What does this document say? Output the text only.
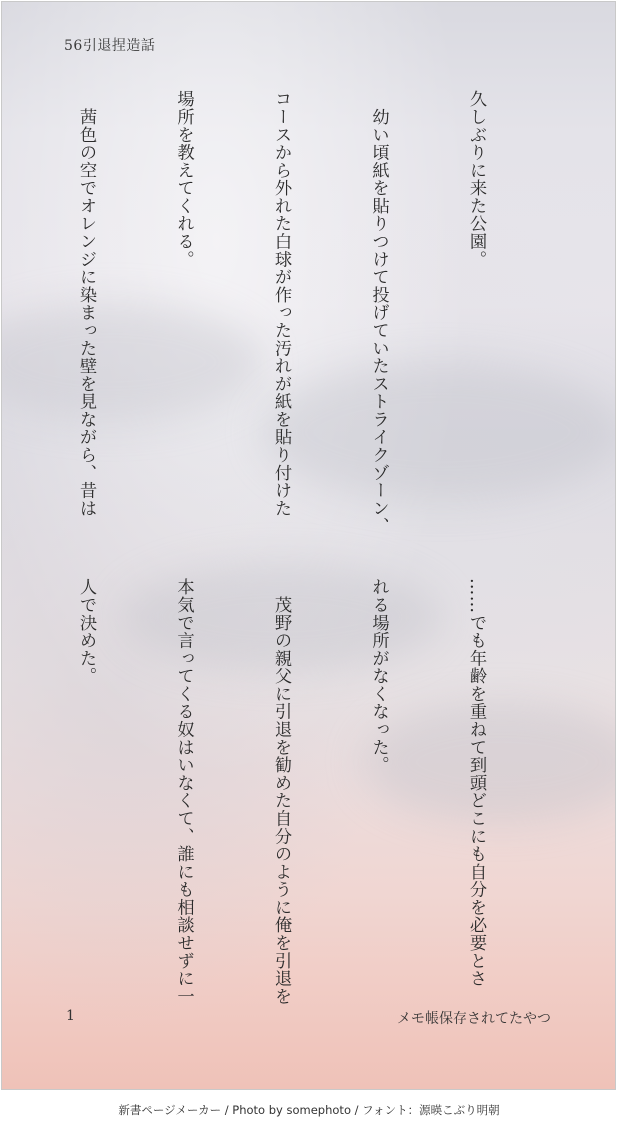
56引退捏造話

久しぶりに来た公園。

　幼い頃紙を貼りつけて投げていたストライクゾーン、

コースから外れた白球が作った汚れが紙を貼り付けた

場所を教えてくれる。

　茜色の空でオレンジに染まった壁を見ながら、昔は

……でも年齢を重ねて到頭どこにも自分を必要とさ

れる場所がなくなった。

　茂野の親父に引退を勧めた自分のように俺を引退を

本気で言ってくる奴はいなくて、誰にも相談せずに一

人で決めた。

1	メモ帳保存されてたやつ
新書ページメーカー / Photo by somephoto / フォント：源暎こぶり明朝
